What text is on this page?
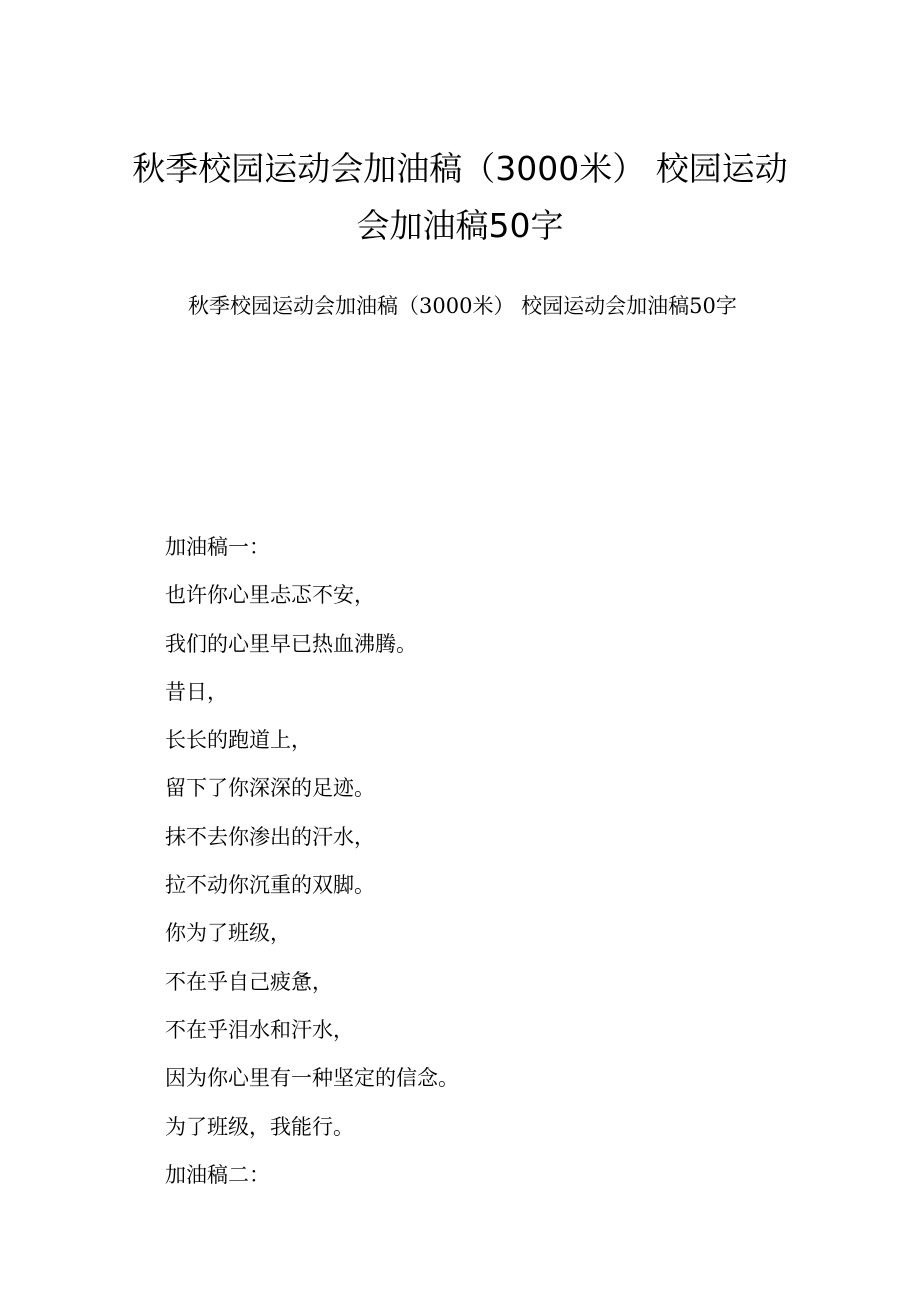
秋季校园运动会加油稿（3000米） 校园运动会加油稿50字

秋季校园运动会加油稿（3000米） 校园运动会加油稿50字

加油稿一：
也许你心里忐忑不安，
我们的心里早已热血沸腾。
昔日，
长长的跑道上，
留下了你深深的足迹。
抹不去你渗出的汗水，
拉不动你沉重的双脚。
你为了班级，
不在乎自己疲惫，
不在乎泪水和汗水，
因为你心里有一种坚定的信念。
为了班级，我能行。
加油稿二：
